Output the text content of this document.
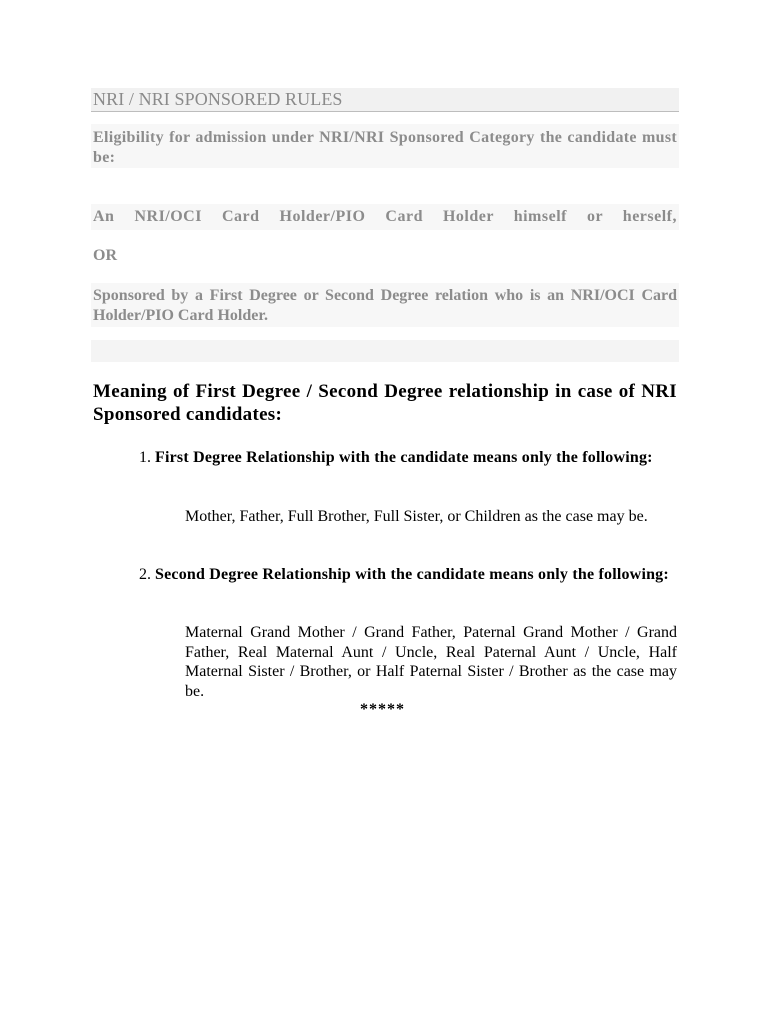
NRI / NRI SPONSORED RULES
Eligibility for admission under NRI/NRI Sponsored Category the candidate must be:
An NRI/OCI Card Holder/PIO Card Holder himself or herself,
OR
Sponsored by a First Degree or Second Degree relation who is an NRI/OCI Card Holder/PIO Card Holder.
Meaning of First Degree / Second Degree relationship in case of NRI Sponsored candidates:
1. First Degree Relationship with the candidate means only the following:
Mother, Father, Full Brother, Full Sister, or Children as the case may be.
2. Second Degree Relationship with the candidate means only the following:
Maternal Grand Mother / Grand Father, Paternal Grand Mother / Grand Father, Real Maternal Aunt / Uncle, Real Paternal Aunt / Uncle, Half Maternal Sister / Brother, or Half Paternal Sister / Brother as the case may be.
*****
